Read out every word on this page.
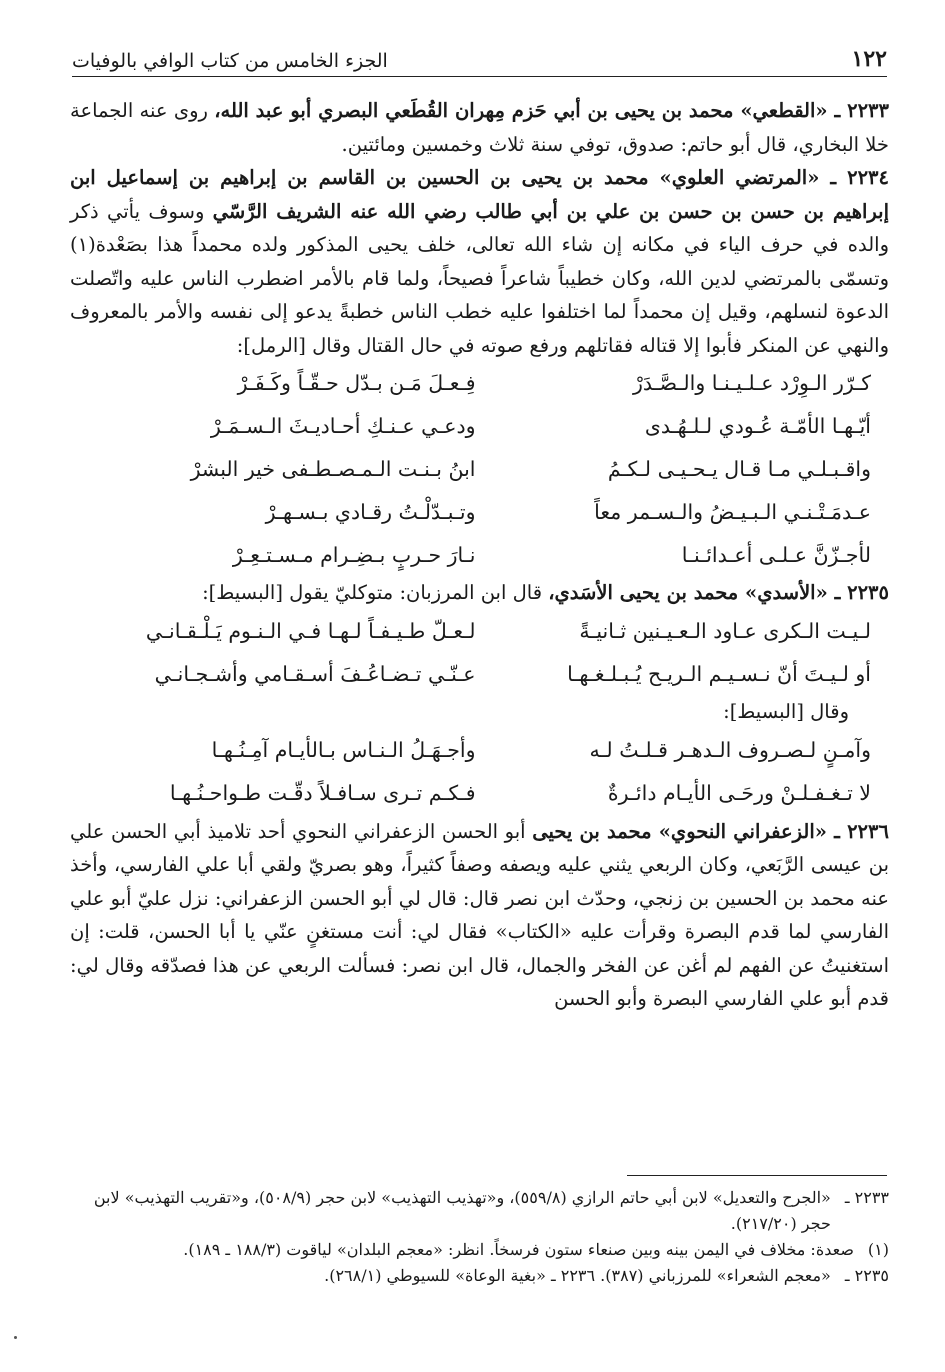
١٢٢
الجزء الخامس من كتاب الوافي بالوفيات

٢٢٣٣ ـ «القطعي» محمد بن يحيى بن أبي حَزم مِهران القُطَعي البصري أبو عبد الله، روى عنه الجماعة خلا البخاري، قال أبو حاتم: صدوق، توفي سنة ثلاث وخمسين ومائتين.

٢٢٣٤ ـ «المرتضي العلوي» محمد بن يحيى بن الحسين بن القاسم بن إبراهيم بن إسماعيل ابن إبراهيم بن حسن بن حسن بن علي بن أبي طالب رضي الله عنه الشريف الرَّسّي وسوف يأتي ذكر والده في حرف الياء في مكانه إن شاء الله تعالى، خلف يحيى المذكور ولده محمداً هذا بصَعْدة(١) وتسمّى بالمرتضي لدين الله، وكان خطيباً شاعراً فصيحاً، ولما قام بالأمر اضطرب الناس عليه واتّصلت الدعوة لنسلهم، وقيل إن محمداً لما اختلفوا عليه خطب الناس خطبةً يدعو إلى نفسه والأمر بالمعروف والنهي عن المنكر فأبوا إلا قتاله فقاتلهم ورفع صوته في حال القتال وقال [الرمل]:

كـرّر الـوِرْد عـلـيـنـا والـصَّـدَرْ
فِـعـلَ مَـن بـدّل حـقّـاً وكَـفَـرْ
أيّـهـا الأمّـة عُـودي لـلـهُـدى
ودعـي عـنـكِ أحـاديـثَ الـسـمَـرْ
واقـبـلـي مـا قـال يـحـيـى لـكـمُ
ابنُ بـنـت الـمـصـطـفى خير البشرْ
عـدمَـتْـنـي الـبـيـضُ والـسـمر معاً
وتـبـدّلْـتُ رقـادي بـسـهـرْ
لأجـزّنَّ عـلـى أعـدائـنـا
نـارَ حـربٍ بـضِـرام مـسـتـعِـرْ

٢٢٣٥ ـ «الأسدي» محمد بن يحيى الأسَدي، قال ابن المرزبان: متوكليّ يقول [البسيط]:

لـيـت الـكرى عـاود الـعـيـنين ثـانيـةً
لـعـلّ طـيـفـاً لـهـا فـي الـنـوم يَـلْـقـانـي
أو لـيـتَ أنّ نـسـيـم الـريـح يُـبـلـغـهـا
عـنّـي تـضـاعُـفَ أسـقـامي وأشـجـانـي

وقال [البسيط]:

وآمـنٍ لـصـروف الـدهـر قـلـتُ لـه
وأجـهَـلُ الـنـاس بـالأيـام آمِـنُـهـا
لا تـغـفـلـنْ ورحَـى الأيـام دائـرةٌ
فـكـم تـرى سـافـلاً دقّـت طـواحـنُـهـا

٢٢٣٦ ـ «الزعفراني النحوي» محمد بن يحيى أبو الحسن الزعفراني النحوي أحد تلاميذ أبي الحسن علي بن عيسى الرَّبَعي، وكان الربعي يثني عليه ويصفه وصفاً كثيراً، وهو بصريّ ولقي أبا علي الفارسي، وأخذ عنه محمد بن الحسين بن زنجي، وحدّث ابن نصر قال: قال لي أبو الحسن الزعفراني: نزل عليّ أبو علي الفارسي لما قدم البصرة وقرأت عليه «الكتاب» فقال لي: أنت مستغنٍ عنّي يا أبا الحسن، قلت: إن استغنيتُ عن الفهم لم أغن عن الفخر والجمال، قال ابن نصر: فسألت الربعي عن هذا فصدّقه وقال لي: قدم أبو علي الفارسي البصرة وأبو الحسن

٢٢٣٣ ـ
«الجرح والتعديل» لابن أبي حاتم الرازي (٥٥٩/٨)، و«تهذيب التهذيب» لابن حجر (٥٠٨/٩)، و«تقريب التهذيب» لابن حجر (٢١٧/٢٠).
(١)
صعدة: مخلاف في اليمن بينه وبين صنعاء ستون فرسخاً. انظر: «معجم البلدان» لياقوت (١٨٨/٣ ـ ١٨٩).
٢٢٣٥ ـ
«معجم الشعراء» للمرزباني (٣٨٧). ٢٢٣٦ ـ «بغية الوعاة» للسيوطي (٢٦٨/١).
